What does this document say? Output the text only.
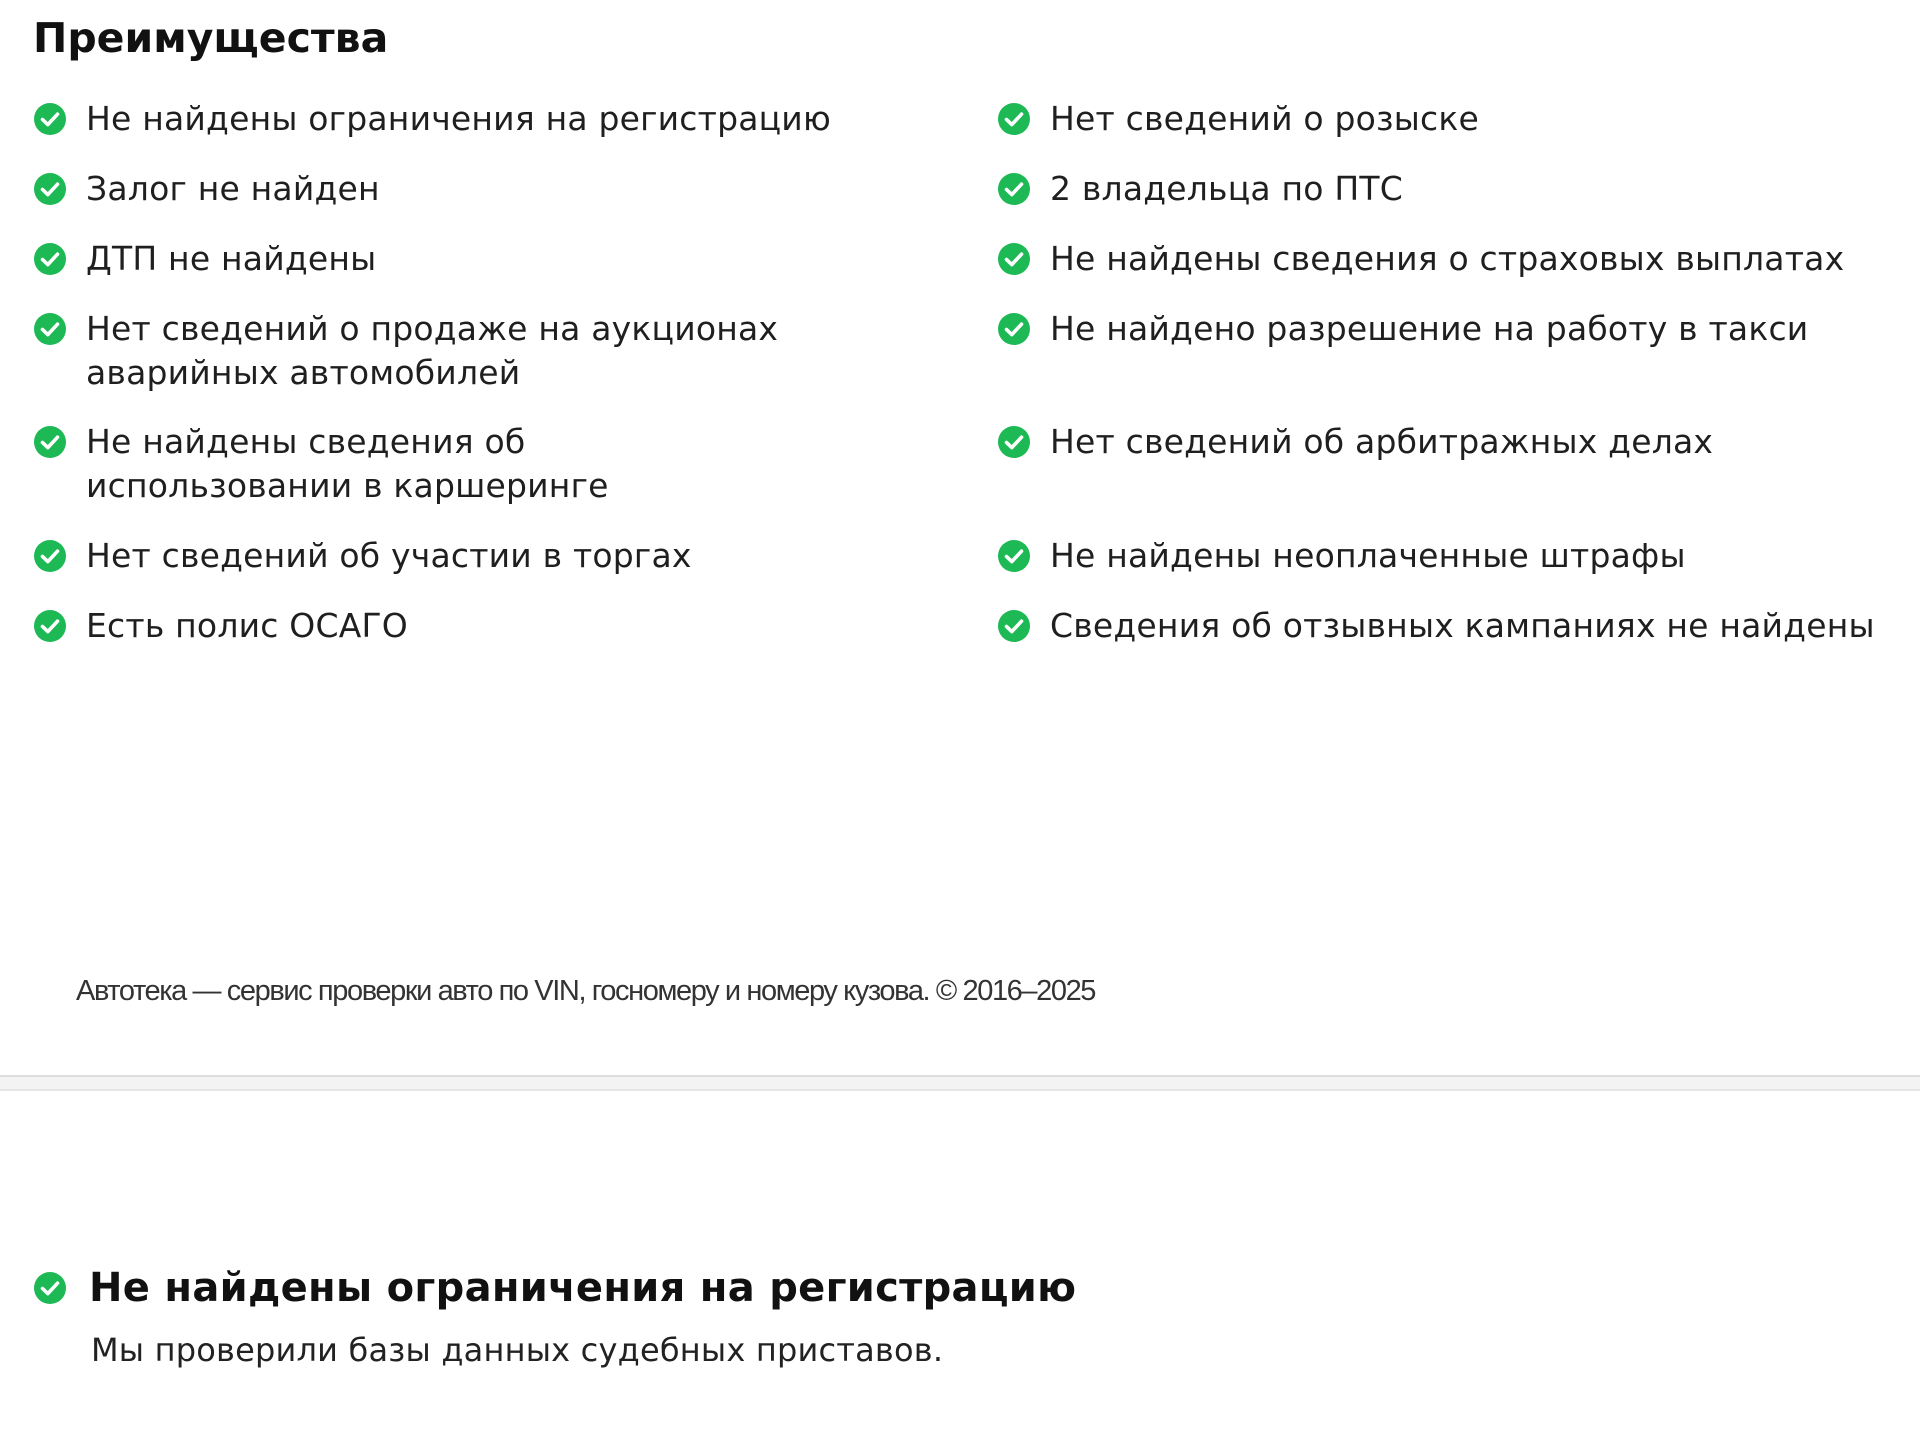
Преимущества
Не найдены ограничения на регистрацию
Залог не найден
ДТП не найдены
Нет сведений о продаже на аукционах аварийных автомобилей
Не найдены сведения об использовании в каршеринге
Нет сведений об участии в торгах
Есть полис ОСАГО
Нет сведений о розыске
2 владельца по ПТС
Не найдены сведения о страховых выплатах
Не найдено разрешение на работу в такси
Нет сведений об арбитражных делах
Не найдены неоплаченные штрафы
Сведения об отзывных кампаниях не найдены
Автотека — сервис проверки авто по VIN, госномеру и номеру кузова. © 2016–2025
Не найдены ограничения на регистрацию

Мы проверили базы данных судебных приставов.
